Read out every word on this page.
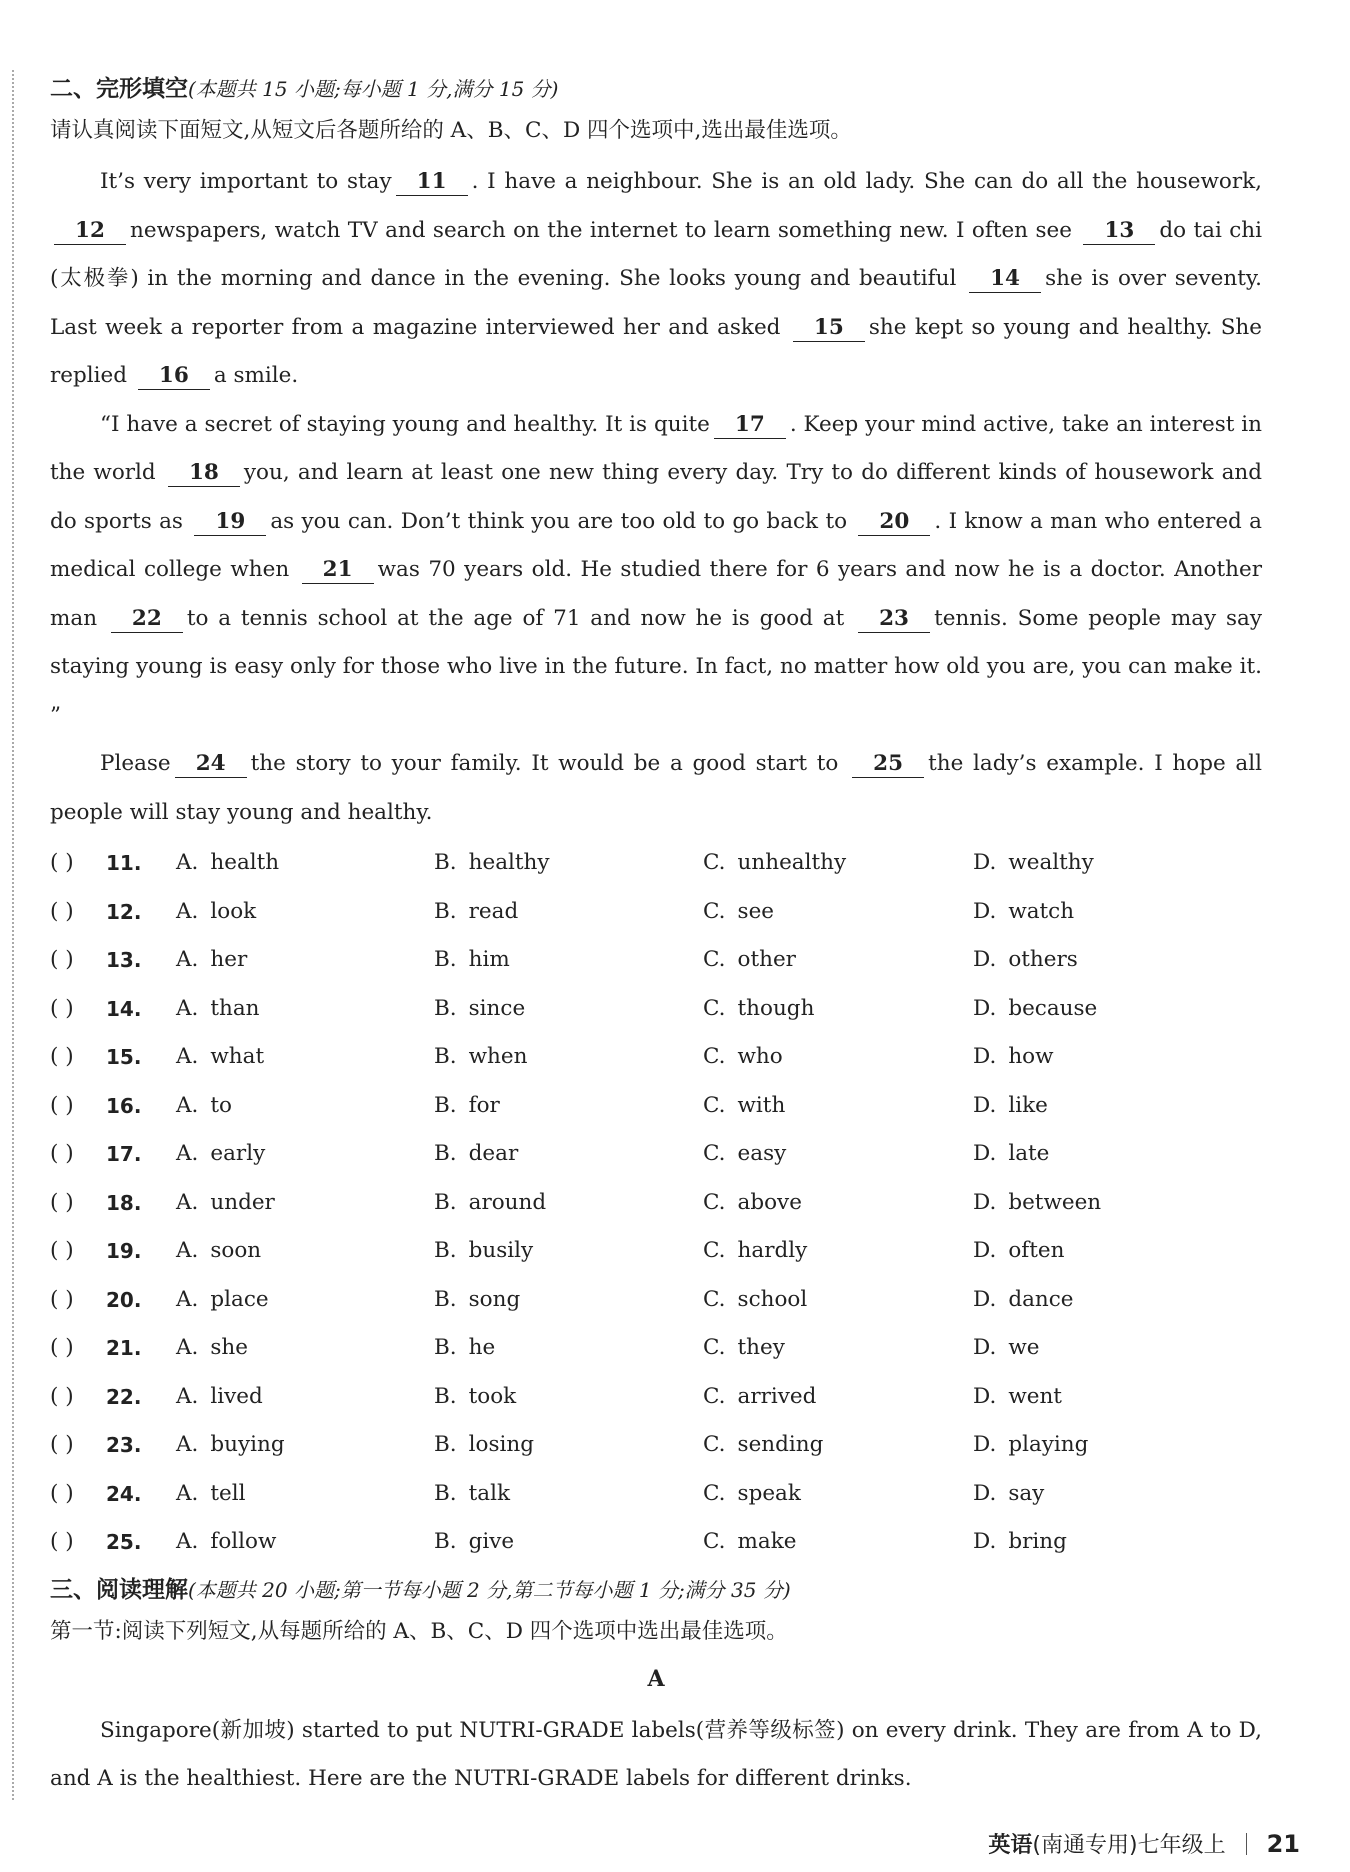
二、完形填空(本题共 15 小题;每小题 1 分,满分 15 分)
请认真阅读下面短文,从短文后各题所给的 A、B、C、D 四个选项中,选出最佳选项。

It’s very important to stay 11 . I have a neighbour. She is an old lady. She can do all the housework, 12 newspapers, watch TV and search on the internet to learn something new. I often see 13 do tai chi (太极拳) in the morning and dance in the evening. She looks young and beautiful 14 she is over seventy. Last week a reporter from a magazine interviewed her and asked 15 she kept so young and healthy. She replied 16 a smile.

“I have a secret of staying young and healthy. It is quite 17 . Keep your mind active, take an interest in the world 18 you, and learn at least one new thing every day. Try to do different kinds of housework and do sports as 19 as you can. Don’t think you are too old to go back to 20 . I know a man who entered a medical college when 21 was 70 years old. He studied there for 6 years and now he is a doctor. Another man 22 to a tennis school at the age of 71 and now he is good at 23 tennis. Some people may say staying young is easy only for those who live in the future. In fact, no matter how old you are, you can make it. ”

Please 24 the story to your family. It would be a good start to 25 the lady’s example. I hope all people will stay young and healthy.

( ) 11. A. health	B. healthy	C. unhealthy	D. wealthy
( ) 12. A. look	B. read	C. see	D. watch
( ) 13. A. her	B. him	C. other	D. others
( ) 14. A. than	B. since	C. though	D. because
( ) 15. A. what	B. when	C. who	D. how
( ) 16. A. to	B. for	C. with	D. like
( ) 17. A. early	B. dear	C. easy	D. late
( ) 18. A. under	B. around	C. above	D. between
( ) 19. A. soon	B. busily	C. hardly	D. often
( ) 20. A. place	B. song	C. school	D. dance
( ) 21. A. she	B. he	C. they	D. we
( ) 22. A. lived	B. took	C. arrived	D. went
( ) 23. A. buying	B. losing	C. sending	D. playing
( ) 24. A. tell	B. talk	C. speak	D. say
( ) 25. A. follow	B. give	C. make	D. bring
三、阅读理解(本题共 20 小题;第一节每小题 2 分,第二节每小题 1 分;满分 35 分)
第一节:阅读下列短文,从每题所给的 A、B、C、D 四个选项中选出最佳选项。
A

Singapore(新加坡) started to put NUTRI-GRADE labels(营养等级标签) on every drink. They are from A to D, and A is the healthiest. Here are the NUTRI-GRADE labels for different drinks.

英语(南通专用)七年级上 21
